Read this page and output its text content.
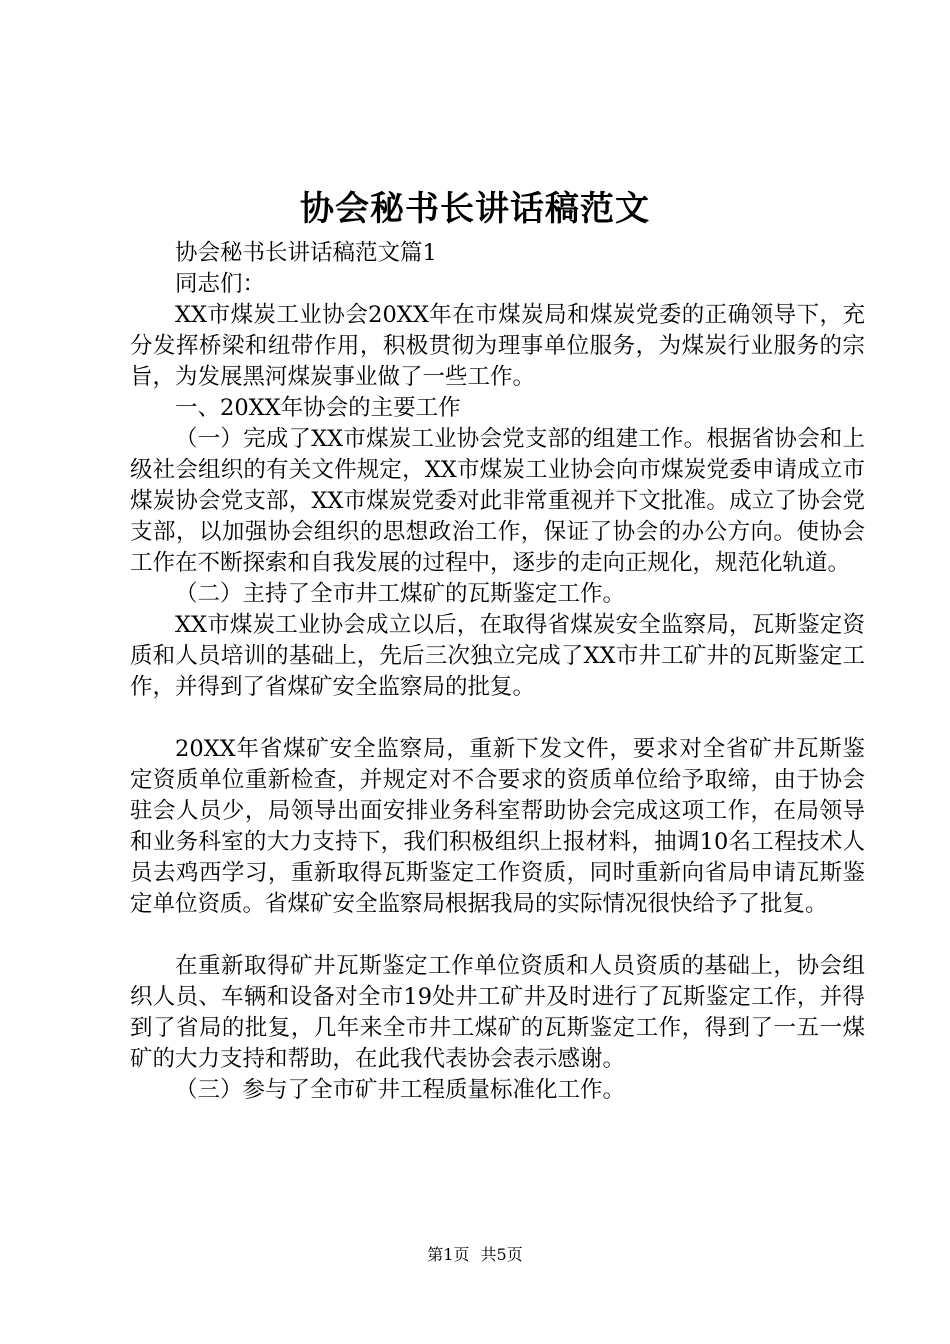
协会秘书长讲话稿范文

协会秘书长讲话稿范文篇1

同志们：

XX市煤炭工业协会20XX年在市煤炭局和煤炭党委的正确领导下，充分发挥桥梁和纽带作用，积极贯彻为理事单位服务，为煤炭行业服务的宗旨，为发展黑河煤炭事业做了一些工作。

一、20XX年协会的主要工作

（一）完成了XX市煤炭工业协会党支部的组建工作。根据省协会和上级社会组织的有关文件规定，XX市煤炭工业协会向市煤炭党委申请成立市煤炭协会党支部，XX市煤炭党委对此非常重视并下文批准。成立了协会党支部，以加强协会组织的思想政治工作，保证了协会的办公方向。使协会工作在不断探索和自我发展的过程中，逐步的走向正规化，规范化轨道。

（二）主持了全市井工煤矿的瓦斯鉴定工作。

XX市煤炭工业协会成立以后，在取得省煤炭安全监察局，瓦斯鉴定资质和人员培训的基础上，先后三次独立完成了XX市井工矿井的瓦斯鉴定工作，并得到了省煤矿安全监察局的批复。

20XX年省煤矿安全监察局，重新下发文件，要求对全省矿井瓦斯鉴定资质单位重新检查，并规定对不合要求的资质单位给予取缔，由于协会驻会人员少，局领导出面安排业务科室帮助协会完成这项工作，在局领导和业务科室的大力支持下，我们积极组织上报材料，抽调10名工程技术人员去鸡西学习，重新取得瓦斯鉴定工作资质，同时重新向省局申请瓦斯鉴定单位资质。省煤矿安全监察局根据我局的实际情况很快给予了批复。

在重新取得矿井瓦斯鉴定工作单位资质和人员资质的基础上，协会组织人员、车辆和设备对全市19处井工矿井及时进行了瓦斯鉴定工作，并得到了省局的批复，几年来全市井工煤矿的瓦斯鉴定工作，得到了一五一煤矿的大力支持和帮助，在此我代表协会表示感谢。

（三）参与了全市矿井工程质量标准化工作。

第1页 共5页
